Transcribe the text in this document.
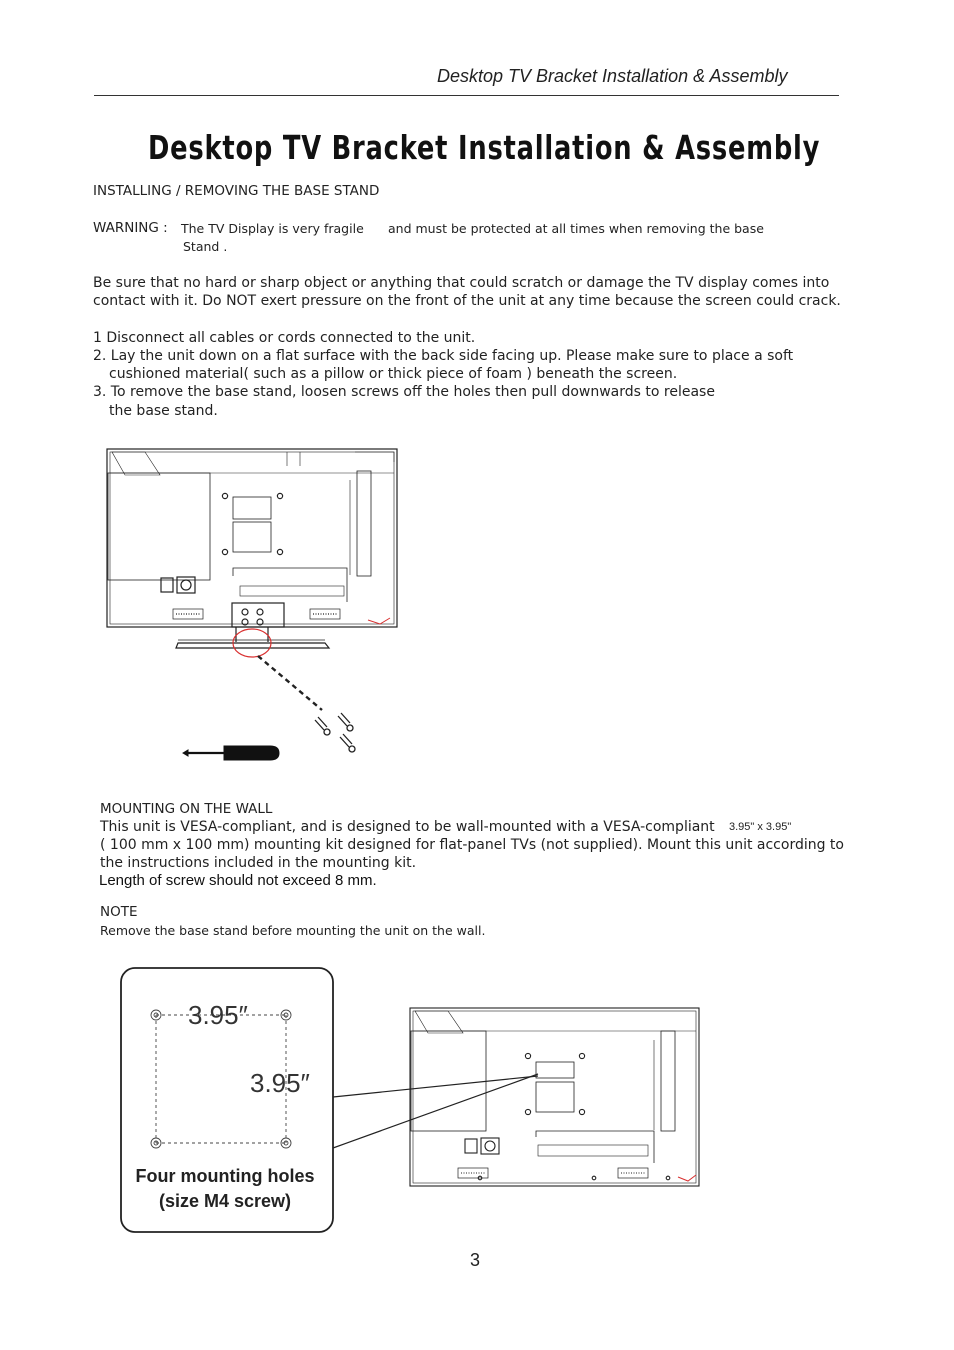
Desktop TV Bracket Installation & Assembly
Desktop TV Bracket Installation & Assembly
INSTALLING / REMOVING THE BASE STAND
WARNING : The TV Display is very fragile and must be protected at all times when removing the base
Stand .
Be sure that no hard or sharp object or anything that could scratch or damage the TV display comes into
contact with it. Do NOT exert pressure on the front of the unit at any time because the screen could crack.
1 Disconnect all cables or cords connected to the unit.
2. Lay the unit down on a flat surface with the back side facing up. Please make sure to place a soft
cushioned material( such as a pillow or thick piece of foam ) beneath the screen.
3. To remove the base stand, loosen screws off the holes then pull downwards to release
the base stand.
MOUNTING ON THE WALL
This unit is VESA-compliant, and is designed to be wall-mounted with a VESA-compliant 3.95" x 3.95"
( 100 mm x 100 mm) mounting kit designed for flat-panel TVs (not supplied). Mount this unit according to
the instructions included in the mounting kit.
Length of screw should not exceed 8 mm.
NOTE
Remove the base stand before mounting the unit on the wall.
3.95″
3.95″
Four mounting holes
(size M4 screw)
3
